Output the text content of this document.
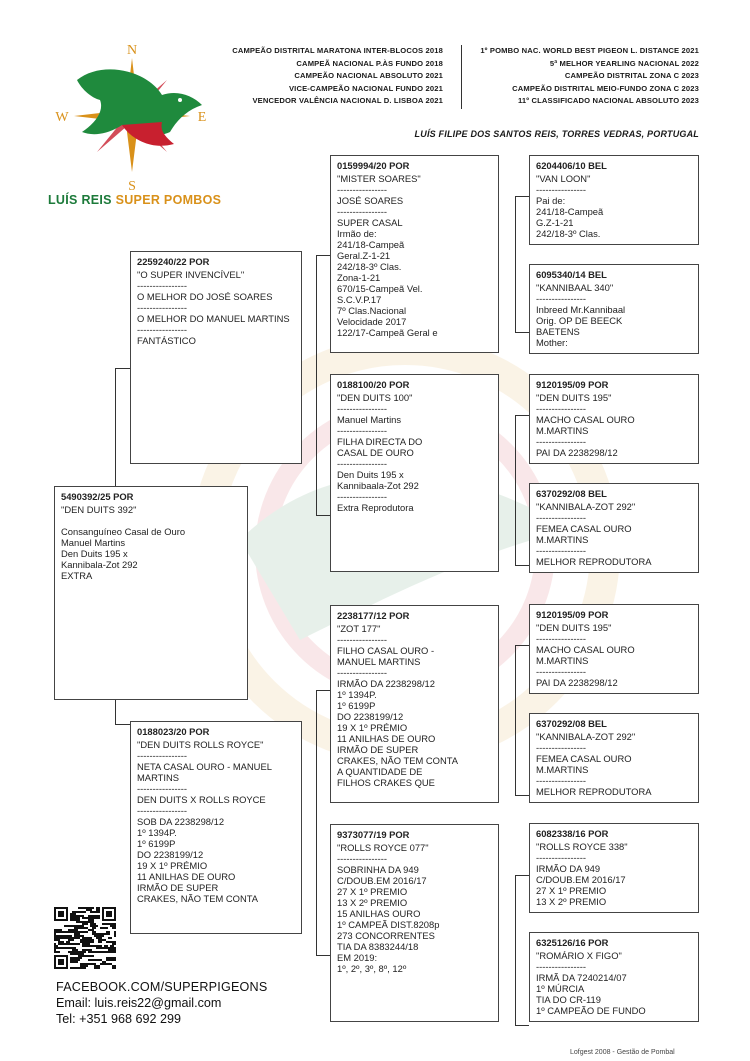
N
S
W	E
LUÍS REIS SUPER POMBOS
CAMPEÃO DISTRITAL MARATONA INTER-BLOCOS 2018
CAMPEÃ NACIONAL P.ÀS FUNDO 2018
CAMPEÃO NACIONAL ABSOLUTO 2021
VICE-CAMPEÃO NACIONAL FUNDO 2021
VENCEDOR VALÊNCIA NACIONAL D. LISBOA 2021
1º POMBO NAC. WORLD BEST PIGEON L. DISTANCE 2021
5ª MELHOR YEARLING NACIONAL 2022
CAMPEÃO DISTRITAL ZONA C 2023
CAMPEÃO DISTRITAL MEIO-FUNDO ZONA C 2023
11º CLASSIFICADO NACIONAL ABSOLUTO 2023
LUÍS FILIPE DOS SANTOS REIS, TORRES VEDRAS, PORTUGAL
5490392/25 POR
"DEN DUITS 392"
Consanguíneo Casal de Ouro
Manuel Martins
Den Duits 195 x
Kannibala-Zot 292
EXTRA
2259240/22 POR
"O SUPER INVENCÍVEL"
----------------
O MELHOR DO JOSÉ SOARES
----------------
O MELHOR DO MANUEL MARTINS
----------------
FANTÁSTICO
0188023/20 POR
"DEN DUITS ROLLS ROYCE"
----------------
NETA CASAL OURO - MANUEL MARTINS
----------------
DEN DUITS X ROLLS ROYCE
----------------
SOB DA 2238298/12
1º 1394P.
1º 6199P
DO 2238199/12
19 X 1º PRÉMIO
11 ANILHAS DE OURO
IRMÃO DE SUPER
CRAKES, NÃO TEM CONTA
0159994/20 POR
"MISTER SOARES"
----------------
JOSÉ SOARES
----------------
SUPER CASAL
Irmão de:
241/18-Campeã
Geral.Z-1-21
242/18-3º Clas.
Zona-1-21
670/15-Campeã Vel.
S.C.V.P.17
7º Clas.Nacional
Velocidade 2017
122/17-Campeã Geral e
0188100/20 POR
"DEN DUITS 100"
----------------
Manuel Martins
----------------
FILHA DIRECTA DO
CASAL DE OURO
----------------
Den Duits 195 x
Kannibaala-Zot 292
----------------
Extra Reprodutora
2238177/12 POR
"ZOT 177"
----------------
FILHO CASAL OURO -
MANUEL MARTINS
----------------
IRMÃO DA 2238298/12
1º 1394P.
1º 6199P
DO 2238199/12
19 X 1º PRÉMIO
11 ANILHAS DE OURO
IRMÃO DE SUPER
CRAKES, NÃO TEM CONTA
A QUANTIDADE DE
FILHOS CRAKES QUE
9373077/19 POR
"ROLLS ROYCE 077"
----------------
SOBRINHA DA 949
C/DOUB.EM 2016/17
27 X 1º PREMIO
13 X 2º PREMIO
15 ANILHAS OURO
1º CAMPEÃ DIST.8208p
273 CONCORRENTES
TIA DA 8383244/18
EM 2019:
1º, 2º, 3º, 8º, 12º
6204406/10 BEL
"VAN LOON"
----------------
Pai de:
241/18-Campeã
G.Z-1-21
242/18-3º Clas.
6095340/14 BEL
"KANNIBAAL 340"
----------------
Inbreed Mr.Kannibaal
Orig. OP DE BEECK
BAETENS
Mother:
9120195/09 POR
"DEN DUITS 195"
----------------
MACHO CASAL OURO
M.MARTINS
----------------
PAI DA 2238298/12
6370292/08 BEL
"KANNIBALA-ZOT 292"
----------------
FEMEA CASAL OURO
M.MARTINS
----------------
MELHOR REPRODUTORA
9120195/09 POR
"DEN DUITS 195"
----------------
MACHO CASAL OURO
M.MARTINS
----------------
PAI DA 2238298/12
6370292/08 BEL
"KANNIBALA-ZOT 292"
----------------
FEMEA CASAL OURO
M.MARTINS
----------------
MELHOR REPRODUTORA
6082338/16 POR
"ROLLS ROYCE 338"
----------------
IRMÃO DA 949
C/DOUB.EM 2016/17
27 X 1º PREMIO
13 X 2º PREMIO
6325126/16 POR
"ROMÁRIO X FIGO"
----------------
IRMÃ DA 7240214/07
1º MÚRCIA
TIA DO CR-119
1º CAMPEÃO DE FUNDO
FACEBOOK.COM/SUPERPIGEONS
Email: luis.reis22@gmail.com
Tel: +351 968 692 299
Lofgest 2008 - Gestão de Pombal
